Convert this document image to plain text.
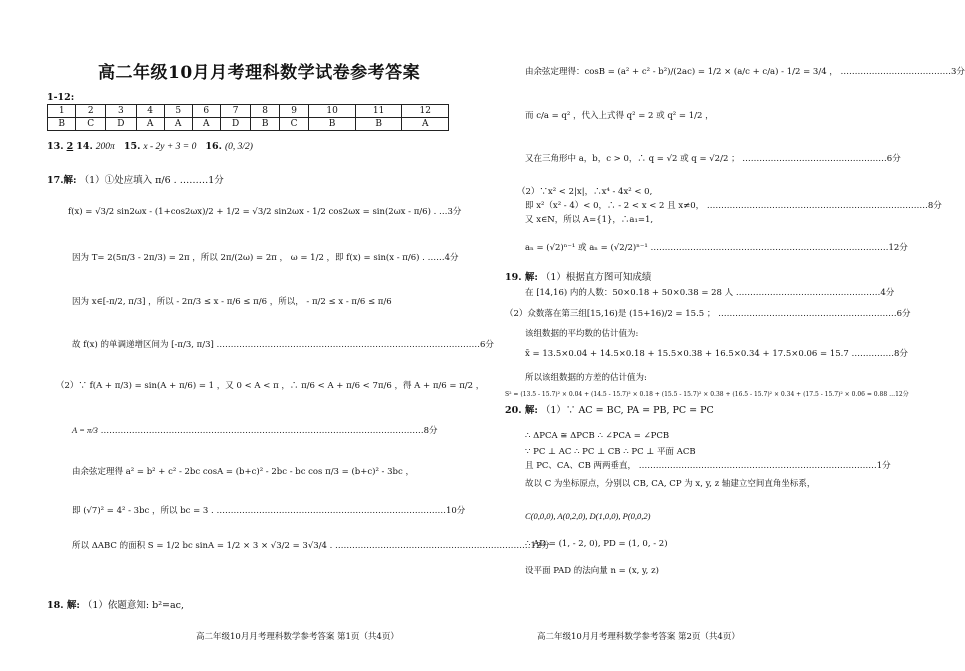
高二年级10月月考理科数学试卷参考答案
1-12:
1	2	3	4	5	6	7	8	9	10	11	12
B	C	D	A	A	A	D	B	C	B	B	A
13. 2 14. 200π 15. x - 2y + 3 = 0 16. (0, 3/2)
17.解: （1）①处应填入 π/6 . ………1分
f(x) = √3/2 sin2ωx - (1+cos2ωx)/2 + 1/2 = √3/2 sin2ωx - 1/2 cos2ωx = sin(2ωx - π/6) . …3分
因为 T= 2(5π/3 - 2π/3) = 2π ，所以 2π/(2ω) = 2π ， ω = 1/2 ，即 f(x) = sin(x - π/6) . ……4分
因为 x∈[-π/2, π/3] ，所以 - 2π/3 ≤ x - π/6 ≤ π/6 ，所以， - π/2 ≤ x - π/6 ≤ π/6
故 f(x) 的单调递增区间为 [-π/3, π/3] …………………………………………………………………………………6分
（2）∵ f(A + π/3) = sin(A + π/6) = 1 ，又 0 < A < π ，∴ π/6 < A + π/6 < 7π/6 ，得 A + π/6 = π/2 ，
A = π/3 ……………………………………………………………………………………………………8分
由余弦定理得 a² = b² + c² - 2bc cosA = (b+c)² - 2bc - bc cos π/3 = (b+c)² - 3bc ，
即 (√7)² = 4² - 3bc ，所以 bc = 3 . ………………………………………………………………………10分
所以 ΔABC 的面积 S = 1/2 bc sinA = 1/2 × 3 × √3/2 = 3√3/4 . ……………………………………………………………12分
18. 解: （1）依题意知: b²=ac,
高二年级10月月考理科数学参考答案 第1页（共4页）
由余弦定理得：cosB = (a² + c² - b²)/(2ac) = 1/2 × (a/c + c/a) - 1/2 = 3/4 ， …………………………………3分
而 c/a = q² ，代入上式得 q² = 2 或 q² = 1/2 ，
又在三角形中 a，b，c > 0，∴ q = √2 或 q = √2/2 ； ……………………………………………6分
（2）∵x² < 2|x|，∴x⁴ - 4x² < 0,
即 x²（x² - 4）< 0，∴ - 2 < x < 2 且 x≠0， ……………………………………………………………………8分
又 x∈N，所以 A={1}，∴a₁=1,
aₙ = (√2)ⁿ⁻¹ 或 aₙ = (√2/2)ⁿ⁻¹ …………………………………………………………………………12分
19. 解: （1）根据直方图可知成绩
在 [14,16) 内的人数：50×0.18 + 50×0.38 = 28 人 ……………………………………………4分
（2）众数落在第三组[15,16)是 (15+16)/2 = 15.5 ； ………………………………………………………6分
该组数据的平均数的估计值为:
x̄ = 13.5×0.04 + 14.5×0.18 + 15.5×0.38 + 16.5×0.34 + 17.5×0.06 = 15.7 ……………8分
所以该组数据的方差的估计值为:
S² = (13.5 - 15.7)² × 0.04 + (14.5 - 15.7)² × 0.18 + (15.5 - 15.7)² × 0.38 + (16.5 - 15.7)² × 0.34 + (17.5 - 15.7)² × 0.06 = 0.88 …12分
20. 解: （1）∵ AC = BC, PA = PB, PC = PC
∴ ΔPCA ≅ ΔPCB ∴ ∠PCA = ∠PCB
∵ PC ⊥ AC ∴ PC ⊥ CB ∴ PC ⊥ 平面 ACB
且 PC、CA、CB 两两垂直， …………………………………………………………………………1分
故以 C 为坐标原点，分别以 CB, CA, CP 为 x, y, z 轴建立空间直角坐标系，
C(0,0,0), A(0,2,0), D(1,0,0), P(0,0,2)
∴ AD = (1, - 2, 0), PD = (1, 0, - 2)
设平面 PAD 的法向量 n = (x, y, z)
高二年级10月月考理科数学参考答案 第2页（共4页）
